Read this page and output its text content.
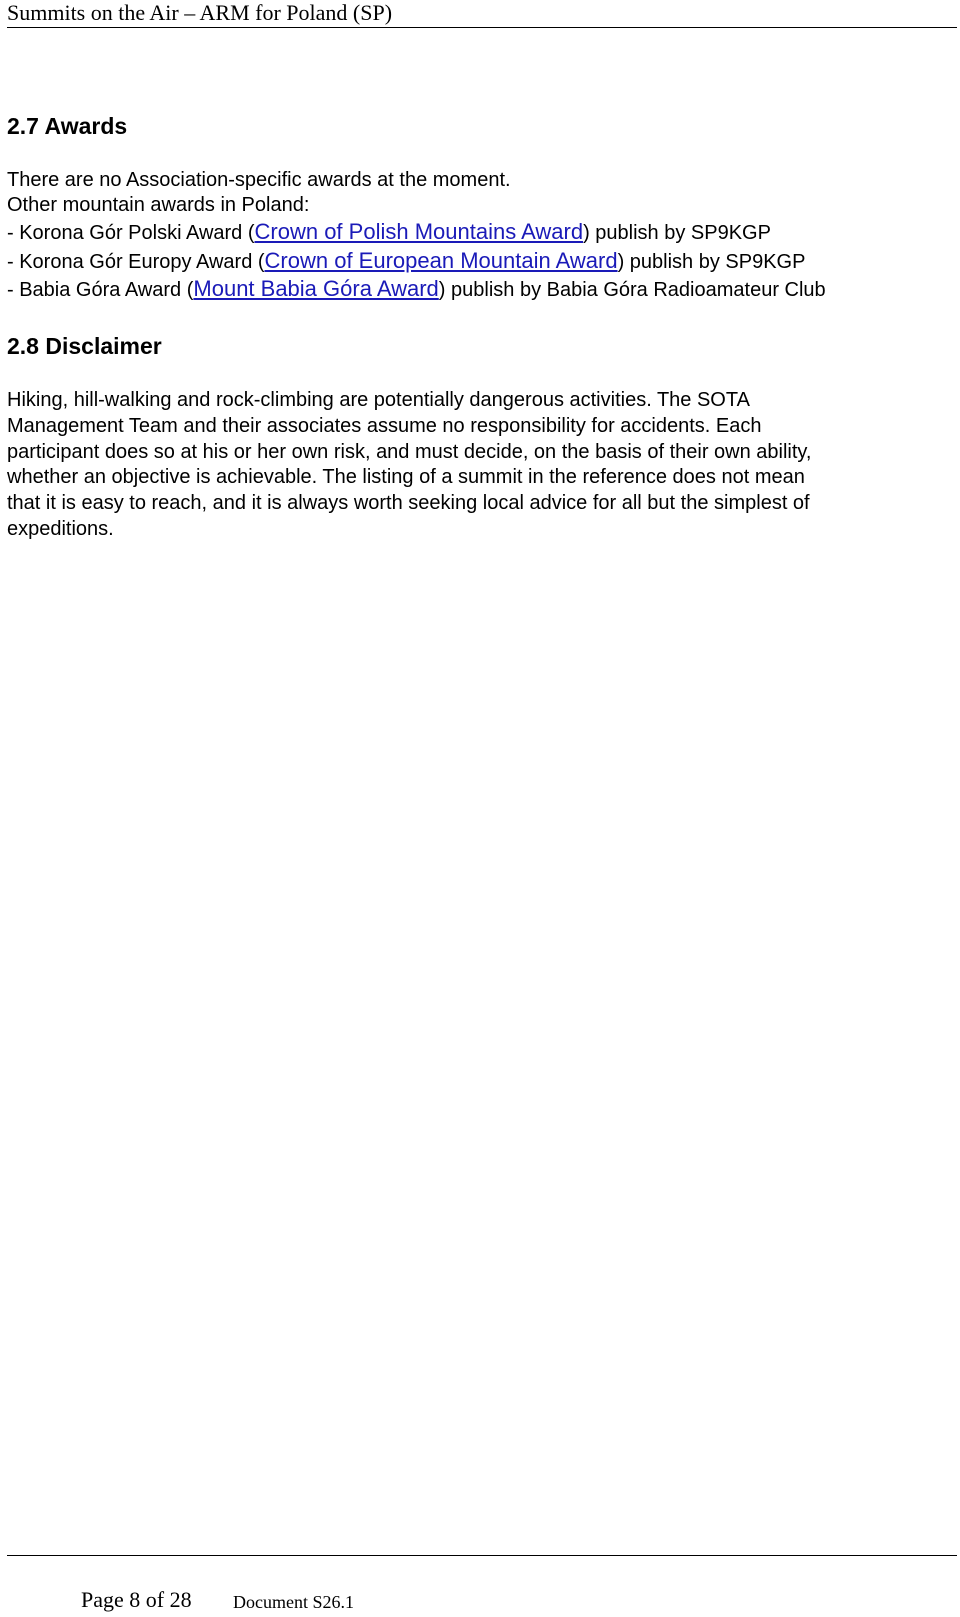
Summits on the Air – ARM for Poland (SP)
2.7 Awards
There are no Association-specific awards at the moment.
Other mountain awards in Poland:
- Korona Gór Polski Award (Crown of Polish Mountains Award) publish by SP9KGP
- Korona Gór Europy Award (Crown of European Mountain Award) publish by SP9KGP
- Babia Góra Award (Mount Babia Góra Award) publish by Babia Góra Radioamateur Club
2.8 Disclaimer
Hiking, hill-walking and rock-climbing are potentially dangerous activities. The SOTA
Management Team and their associates assume no responsibility for accidents. Each
participant does so at his or her own risk, and must decide, on the basis of their own ability,
whether an objective is achievable. The listing of a summit in the reference does not mean
that it is easy to reach, and it is always worth seeking local advice for all but the simplest of
expeditions.
Page 8 of 28 Document S26.1
